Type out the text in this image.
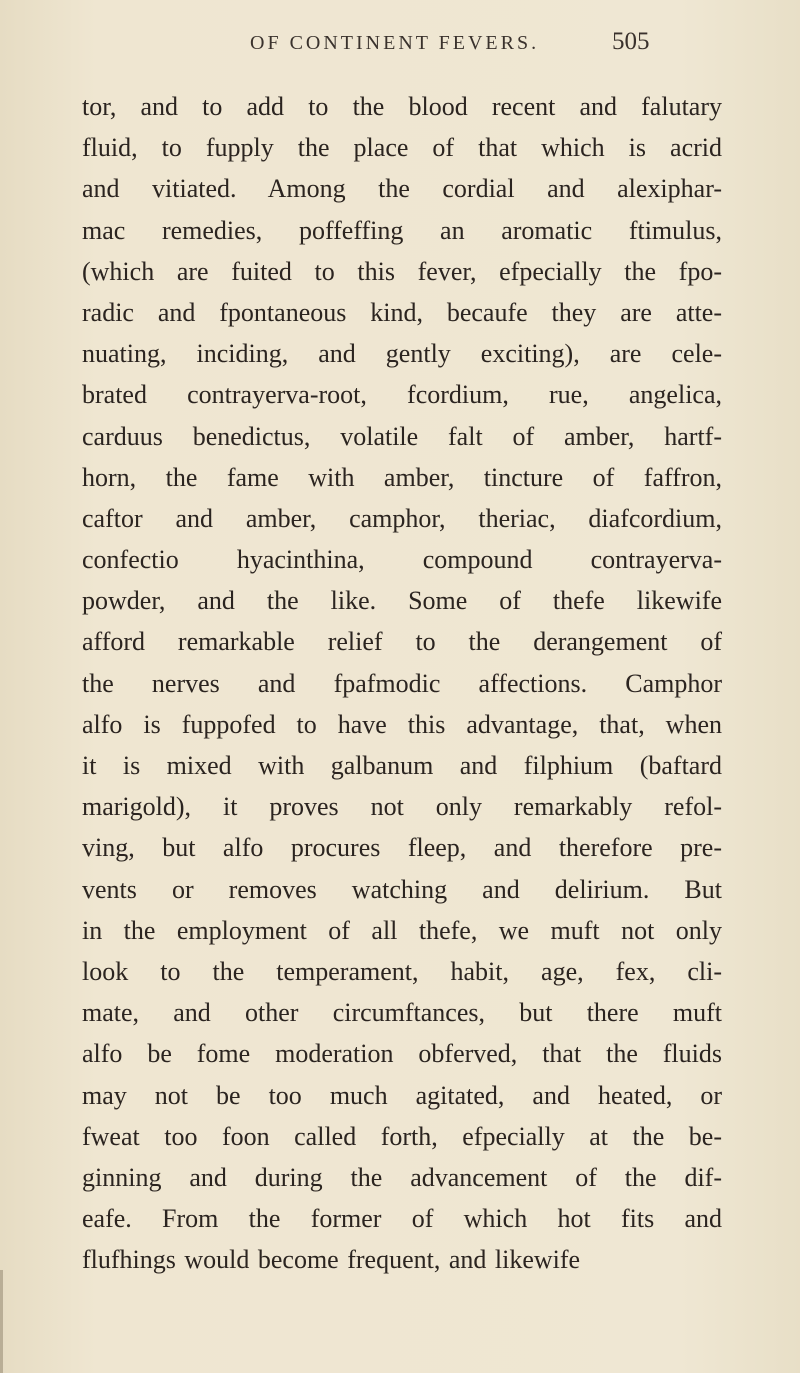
OF CONTINENT FEVERS.	505
tor, and to add to the blood recent and falutary
fluid, to fupply the place of that which is acrid
and vitiated. Among the cordial and alexiphar-
mac remedies, poffeffing an aromatic ftimulus,
(which are fuited to this fever, efpecially the fpo-
radic and fpontaneous kind, becaufe they are atte-
nuating, inciding, and gently exciting), are cele-
brated contrayerva-root, fcordium, rue, angelica,
carduus benedictus, volatile falt of amber, hartf-
horn, the fame with amber, tincture of faffron,
caftor and amber, camphor, theriac, diafcordium,
confectio hyacinthina, compound contrayerva-
powder, and the like. Some of thefe likewife
afford remarkable relief to the derangement of
the nerves and fpafmodic affections. Camphor
alfo is fuppofed to have this advantage, that, when
it is mixed with galbanum and filphium (baftard
marigold), it proves not only remarkably refol-
ving, but alfo procures fleep, and therefore pre-
vents or removes watching and delirium. But
in the employment of all thefe, we muft not only
look to the temperament, habit, age, fex, cli-
mate, and other circumftances, but there muft
alfo be fome moderation obferved, that the fluids
may not be too much agitated, and heated, or
fweat too foon called forth, efpecially at the be-
ginning and during the advancement of the dif-
eafe. From the former of which hot fits and
flufhings would become frequent, and likewife
